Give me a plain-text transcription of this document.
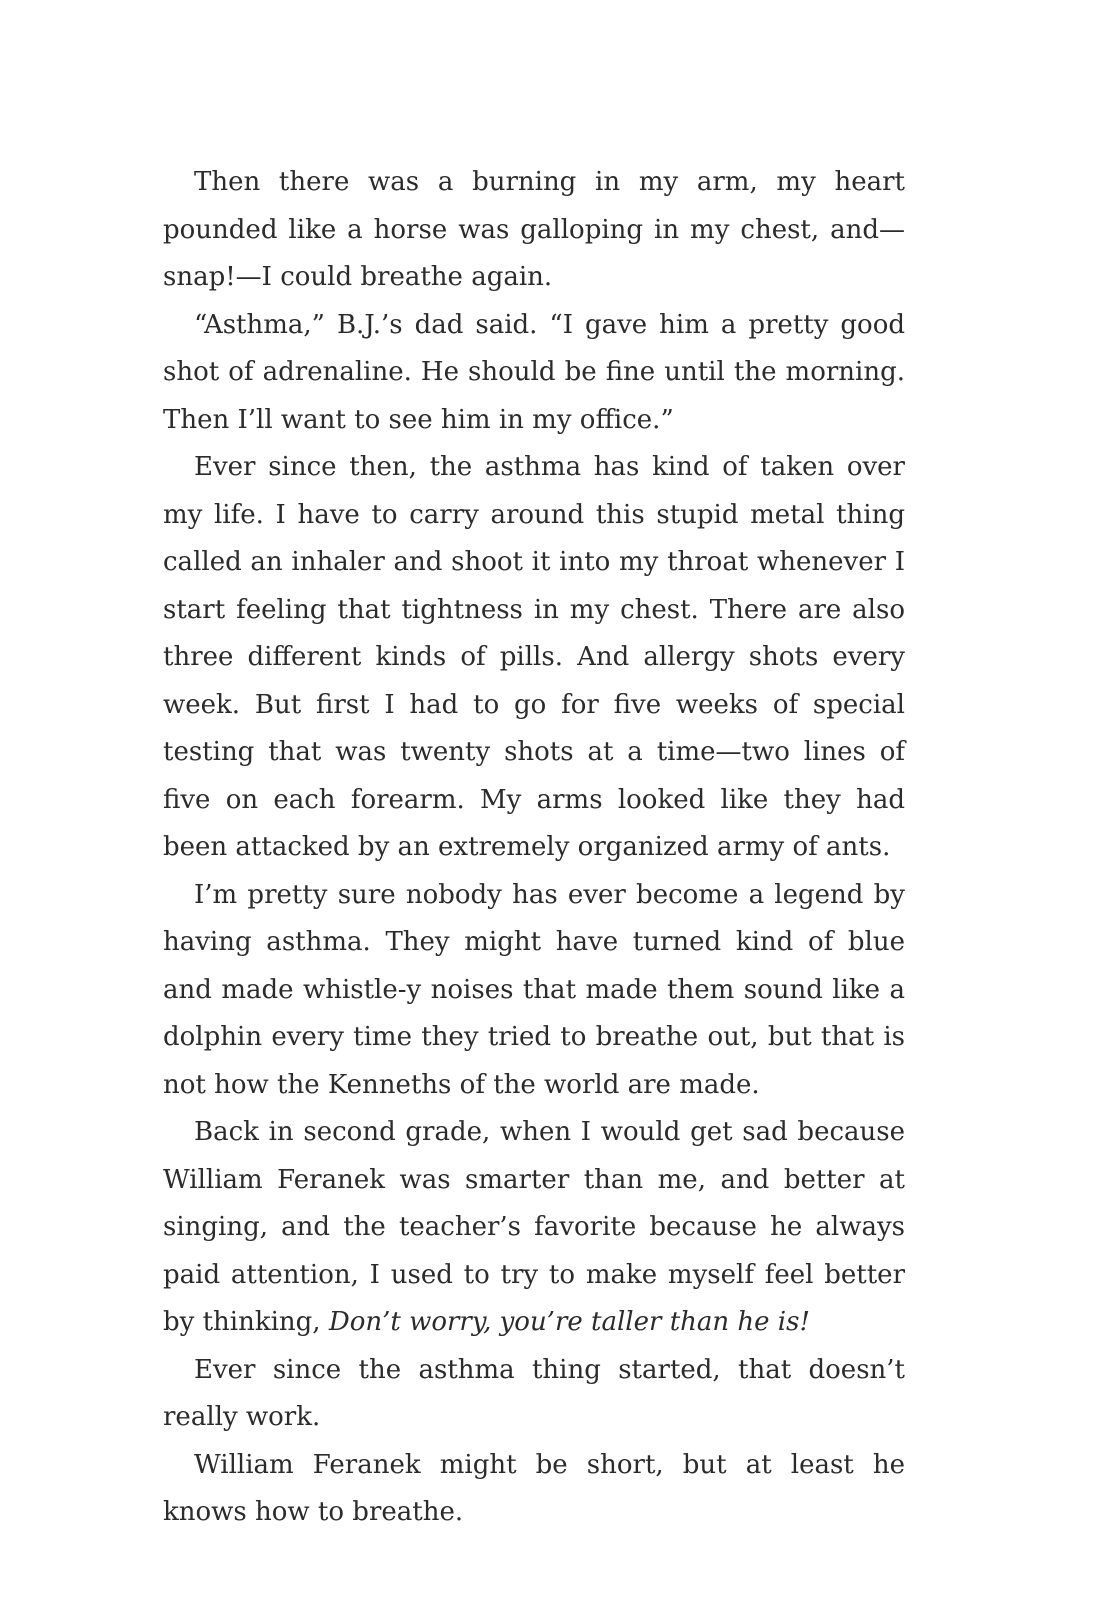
Then there was a burning in my arm, my heart pounded like a horse was galloping in my chest, and—snap!—I could breathe again.

“Asthma,” B.J.’s dad said. “I gave him a pretty good shot of adrenaline. He should be fine until the morning. Then I’ll want to see him in my office.”

Ever since then, the asthma has kind of taken over my life. I have to carry around this stupid metal thing called an inhaler and shoot it into my throat whenever I start feeling that tightness in my chest. There are also three different kinds of pills. And allergy shots every week. But first I had to go for five weeks of special testing that was twenty shots at a time—two lines of five on each forearm. My arms looked like they had been attacked by an extremely organized army of ants.

I’m pretty sure nobody has ever become a legend by having asthma. They might have turned kind of blue and made whistle-y noises that made them sound like a dolphin every time they tried to breathe out, but that is not how the Kenneths of the world are made.

Back in second grade, when I would get sad because William Feranek was smarter than me, and better at singing, and the teacher’s favorite because he always paid attention, I used to try to make myself feel better by thinking, Don’t worry, you’re taller than he is!

Ever since the asthma thing started, that doesn’t really work.

William Feranek might be short, but at least he knows how to breathe.
